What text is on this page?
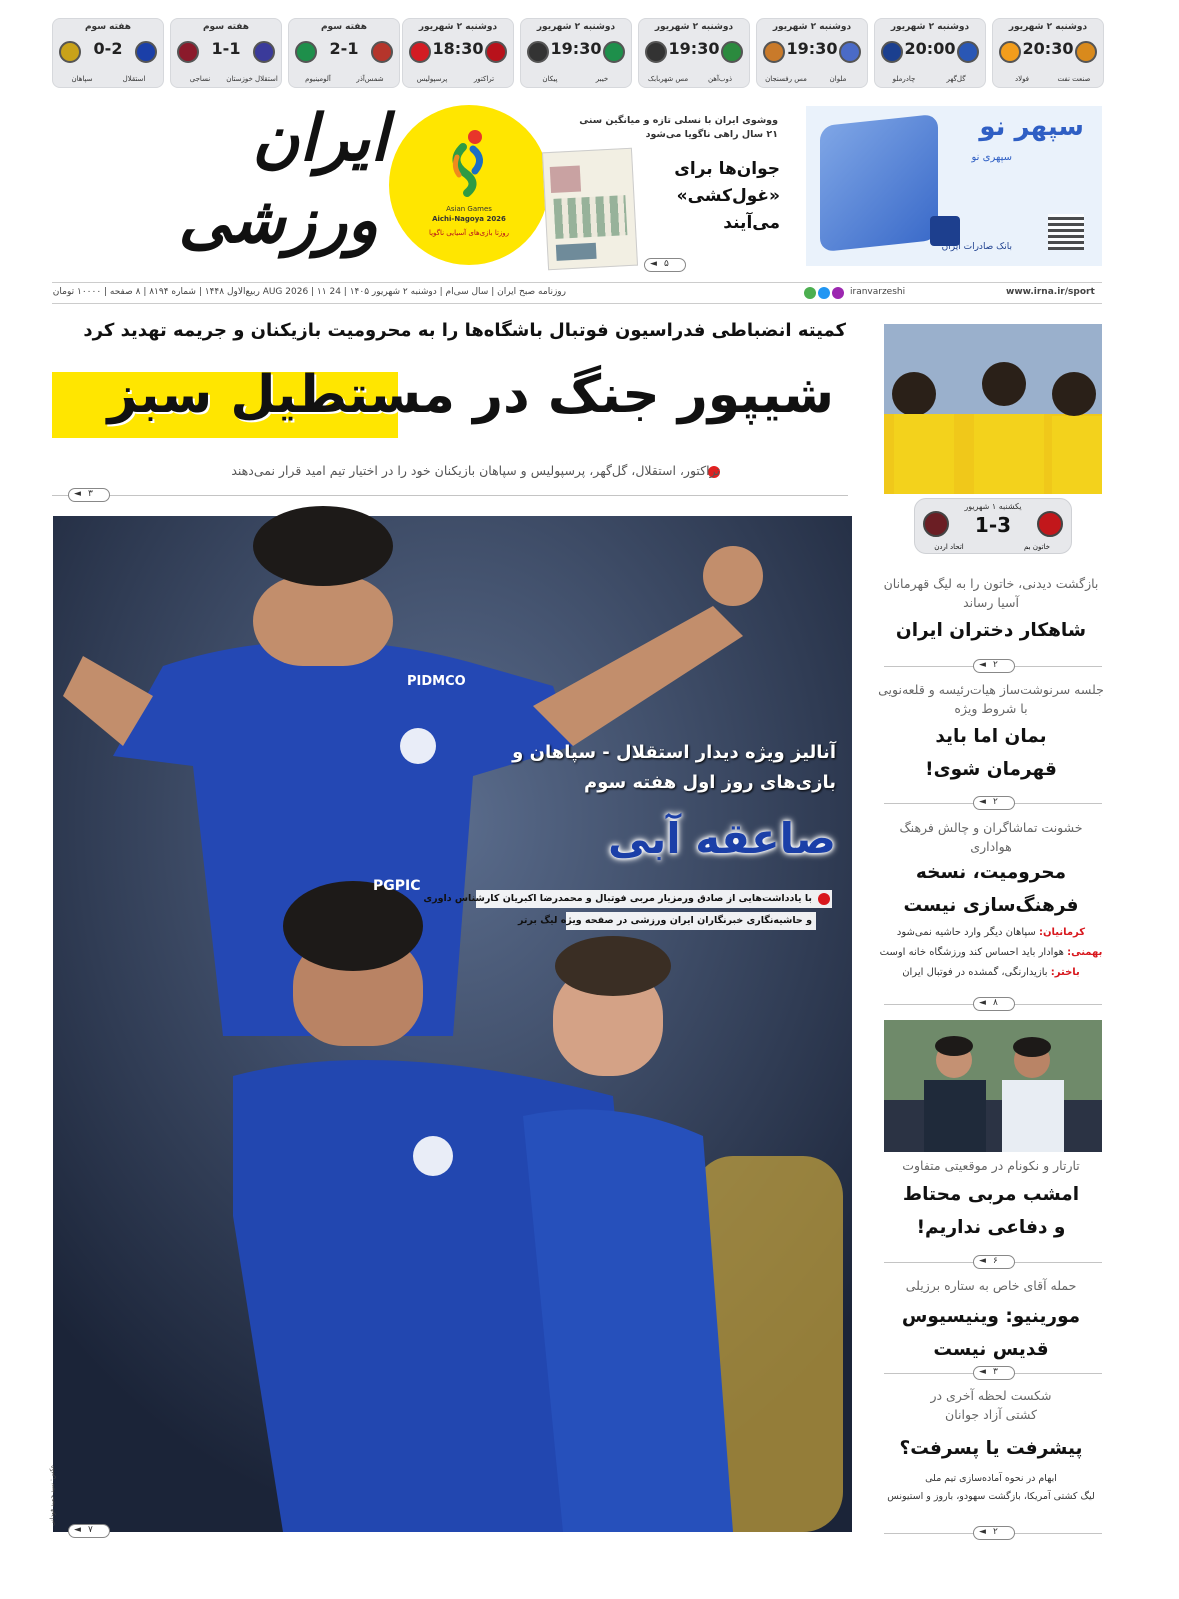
دوشنبه ۲ شهریور
20:30
فولاد	صنعت نفت
دوشنبه ۲ شهریور
20:00
چادرملو	گل‌گهر
دوشنبه ۲ شهریور
19:30
مس رفسنجان	ملوان
دوشنبه ۲ شهریور
19:30
مس شهربابک	ذوب‌آهن
دوشنبه ۲ شهریور
19:30
پیکان	خیبر
دوشنبه ۲ شهریور
18:30
پرسپولیس	تراکتور
هفته سوم
2-1
آلومینیوم	شمس‌آذر
هفته سوم
1-1
نساجی	استقلال خوزستان
هفته سوم
0-2
سپاهان	استقلال
ایران
ورزشی	Asian Games
Aichi-Nagoya 2026
روزتا بازی‌های آسیایی ناگویا
ووشوی ایران با نسلی تازه و میانگین سنی ۲۱ سال راهی ناگویا می‌شود
جوان‌ها برای «غول‌کشی» می‌آیند
◄ ۵
سپهر نو
سپهری نو
بانک صادرات ایران
روزنامه صبح ایران | سال سی‌ام | دوشنبه ۲ شهریور ۱۴۰۵ | 24 AUG 2026 | ۱۱ ربیع‌الاول ۱۴۴۸ | شماره ۸۱۹۴ | ۸ صفحه | ۱۰۰۰۰ تومان	iranvarzeshi	www.irna.ir/sport
کمیته انضباطی فدراسیون فوتبال باشگاه‌ها را به محرومیت بازیکنان و جریمه تهدید کرد
شیپور جنگ در مستطیل سبز
تراکتور، استقلال، گل‌گهر، پرسپولیس و سپاهان بازیکنان خود را در اختیار تیم امید قرار نمی‌دهند
◄ ۳
PIDMCO
PGPIC
عکس: سید حمید فودانی
آنالیز ویژه دیدار استقلال - سپاهان و بازی‌های روز اول هفته سوم
صاعقه آبی
با یادداشت‌هایی از صادق ورمزیار مربی فوتبال و محمدرضا اکبریان کارشناس داوری
و حاشیه‌نگاری خبرنگاران ایران ورزشی در صفحه ویژه لیگ برتر
◄ ۷
یکشنبه ۱ شهریور
1-3
اتحاد اردن	خاتون بم
بازگشت دیدنی، خاتون را به لیگ قهرمانان آسیا رساند
شاهکار دختران ایران
◄ ۲
جلسه سرنوشت‌ساز هیات‌رئیسه و قلعه‌نویی با شروط ویژه
بمان اما باید قهرمان شوی!
◄ ۲
خشونت تماشاگران و چالش فرهنگ هواداری
محرومیت، نسخه فرهنگ‌سازی نیست
کرمانیان: سپاهان دیگر وارد حاشیه نمی‌شود
بهمنی: هوادار باید احساس کند ورزشگاه خانه اوست
باختر: بازیدارنگی، گمشده در فوتبال ایران
◄ ۸
تارتار و نکونام در موقعیتی متفاوت
امشب مربی محتاط و دفاعی نداریم!
◄ ۶
حمله آقای خاص به ستاره برزیلی
مورینیو: وینیسیوس قدیس نیست
◄ ۳
شکست لحظه آخری در کشتی آزاد جوانان
پیشرفت یا پسرفت؟
ابهام در نحوه آماده‌سازی تیم ملی
لیگ کشتی آمریکا، بازگشت سهودو، باروز و استیونس
◄ ۲
